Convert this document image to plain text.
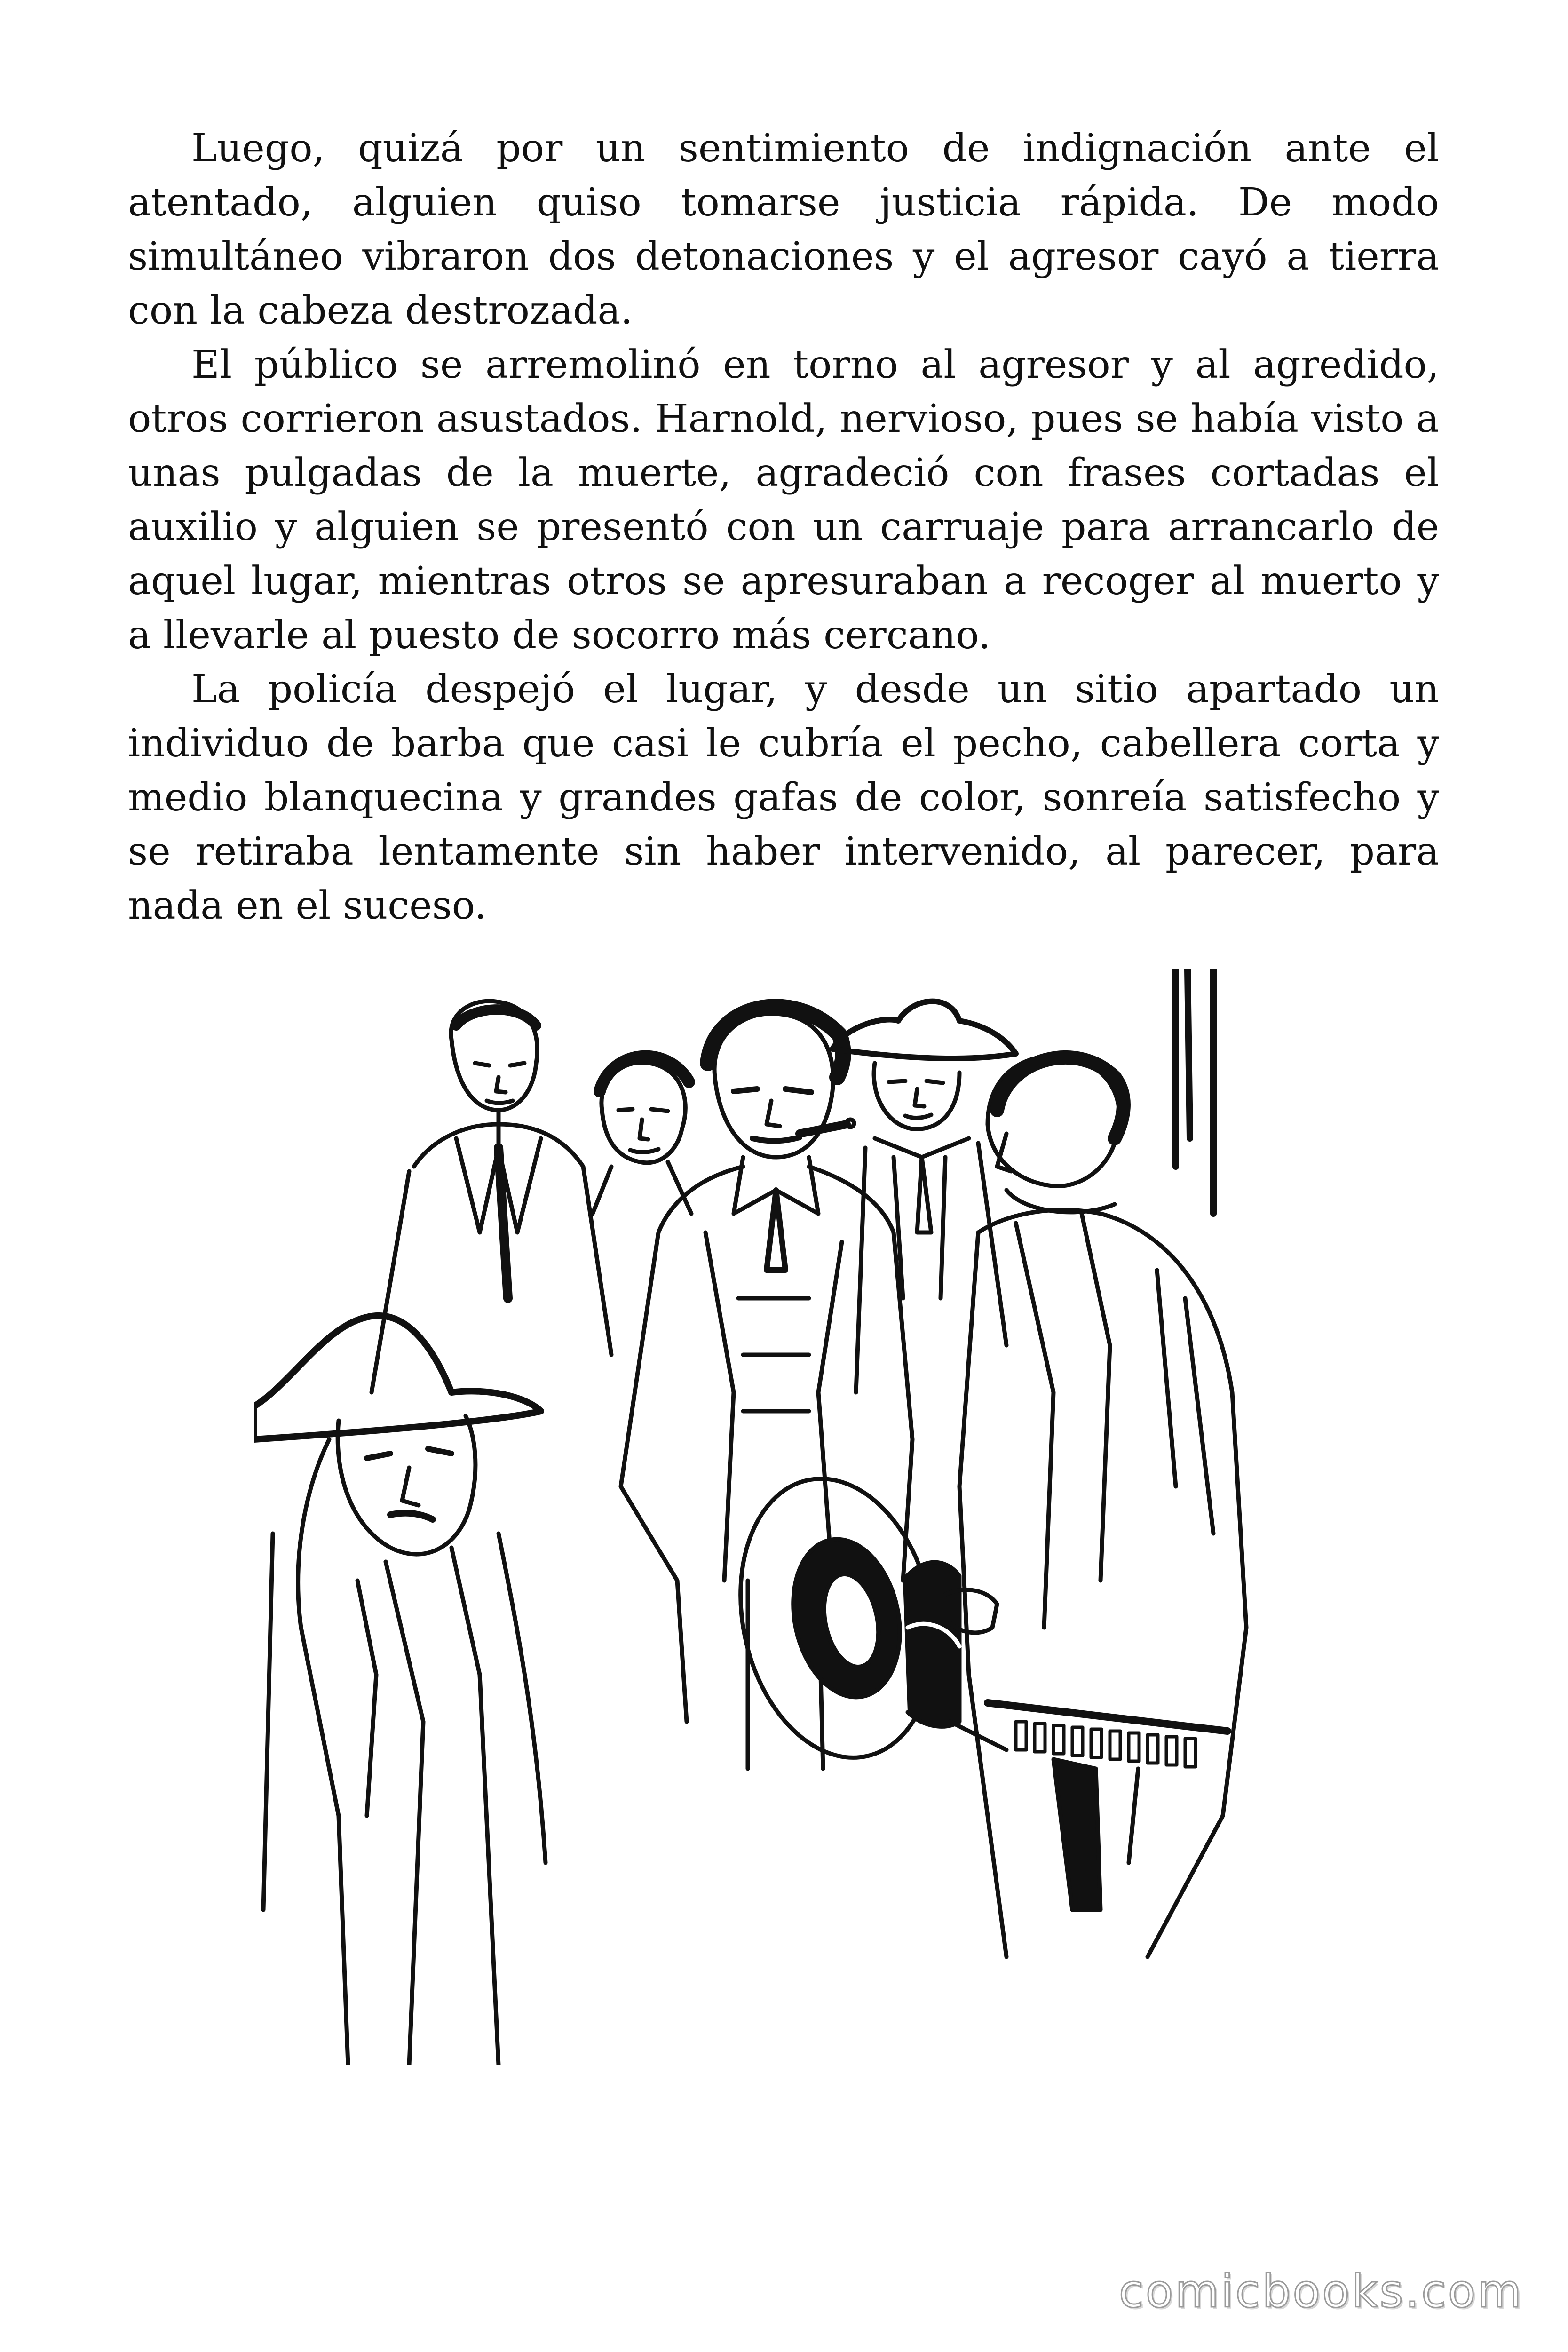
Luego, quizá por un sentimiento de indignación ante el atentado, alguien quiso tomarse justicia rápida. De modo simultáneo vibraron dos detonaciones y el agresor cayó a tierra con la cabeza destrozada.

El público se arremolinó en torno al agresor y al agredido, otros corrieron asustados. Harnold, nervioso, pues se había visto a unas pulgadas de la muerte, agradeció con frases cortadas el auxilio y alguien se presentó con un carruaje para arrancarlo de aquel lugar, mientras otros se apresuraban a recoger al muerto y a llevarle al puesto de socorro más cercano.

La policía despejó el lugar, y desde un sitio apartado un individuo de barba que casi le cubría el pecho, cabellera corta y medio blanquecina y grandes gafas de color, sonreía satisfecho y se retiraba lentamente sin haber intervenido, al parecer, para nada en el suceso.

comicbooks.com
